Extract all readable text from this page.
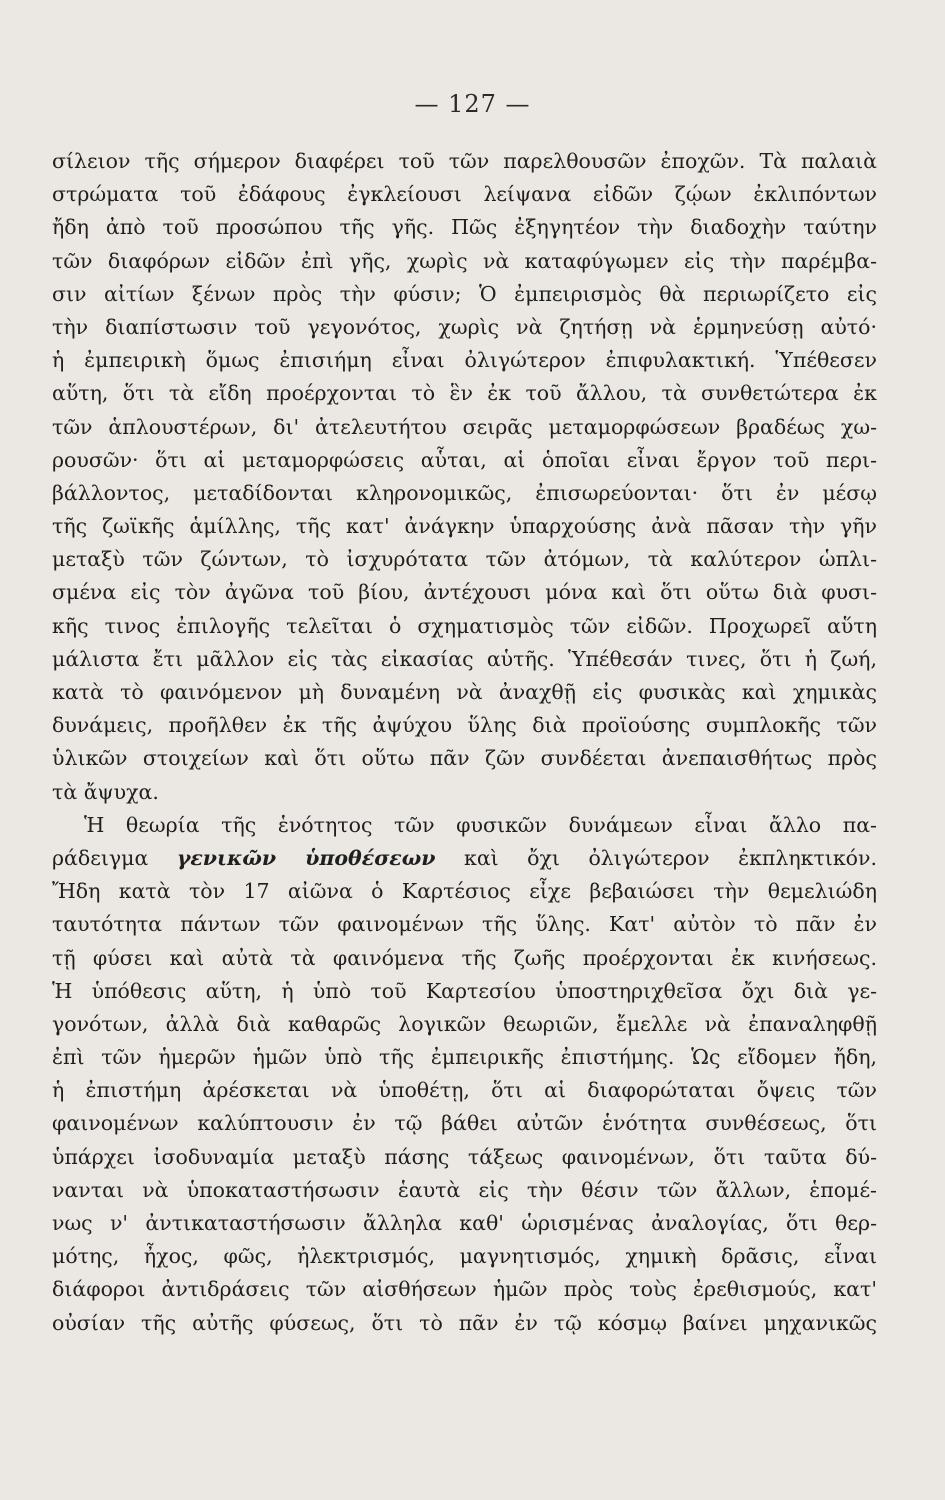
— 127 —
σίλειον τῆς σήμερον διαφέρει τοῦ τῶν παρελθουσῶν ἐποχῶν. Τὰ παλαιὰ
στρώματα τοῦ ἐδάφους ἐγκλείουσι λείψανα εἰδῶν ζῴων ἐκλιπόντων
ἤδη ἀπὸ τοῦ προσώπου τῆς γῆς. Πῶς ἐξηγητέον τὴν διαδοχὴν ταύτην
τῶν διαφόρων εἰδῶν ἐπὶ γῆς, χωρὶς νὰ καταφύγωμεν εἰς τὴν παρέμβα-
σιν αἰτίων ξένων πρὸς τὴν φύσιν; Ὁ ἐμπειρισμὸς θὰ περιωρίζετο εἰς
τὴν διαπίστωσιν τοῦ γεγονότος, χωρὶς νὰ ζητήσῃ νὰ ἑρμηνεύσῃ αὐτό·
ἡ ἐμπειρικὴ ὅμως ἐπισιήμη εἶναι ὀλιγώτερον ἐπιφυλακτική. Ὑπέθεσεν
αὕτη, ὅτι τὰ εἴδη προέρχονται τὸ ἓν ἐκ τοῦ ἄλλου, τὰ συνθετώτερα ἐκ
τῶν ἁπλουστέρων, δι' ἀτελευτήτου σειρᾶς μεταμορφώσεων βραδέως χω-
ρουσῶν· ὅτι αἱ μεταμορφώσεις αὗται, αἱ ὁποῖαι εἶναι ἔργον τοῦ περι-
βάλλοντος, μεταδίδονται κληρονομικῶς, ἐπισωρεύονται· ὅτι ἐν μέσῳ
τῆς ζωϊκῆς ἁμίλλης, τῆς κατ' ἀνάγκην ὑπαρχούσης ἀνὰ πᾶσαν τὴν γῆν
μεταξὺ τῶν ζώντων, τὸ ἰσχυρότατα τῶν ἀτόμων, τὰ καλύτερον ὡπλι-
σμένα εἰς τὸν ἀγῶνα τοῦ βίου, ἀντέχουσι μόνα καὶ ὅτι οὕτω διὰ φυσι-
κῆς τινος ἐπιλογῆς τελεῖται ὁ σχηματισμὸς τῶν εἰδῶν. Προχωρεῖ αὕτη
μάλιστα ἔτι μᾶλλον εἰς τὰς εἰκασίας αὑτῆς. Ὑπέθεσάν τινες, ὅτι ἡ ζωή,
κατὰ τὸ φαινόμενον μὴ δυναμένη νὰ ἀναχθῇ εἰς φυσικὰς καὶ χημικὰς
δυνάμεις, προῆλθεν ἐκ τῆς ἀψύχου ὕλης διὰ προϊούσης συμπλοκῆς τῶν
ὑλικῶν στοιχείων καὶ ὅτι οὕτω πᾶν ζῶν συνδέεται ἀνεπαισθήτως πρὸς
τὰ ἄψυχα.
Ἡ θεωρία τῆς ἑνότητος τῶν φυσικῶν δυνάμεων εἶναι ἄλλο πα-
ράδειγμα γενικῶν ὑποθέσεων καὶ ὄχι ὀλιγώτερον ἐκπληκτικόν.
Ἤδη κατὰ τὸν 17 αἰῶνα ὁ Καρτέσιος εἶχε βεβαιώσει τὴν θεμελιώδη
ταυτότητα πάντων τῶν φαινομένων τῆς ὕλης. Κατ' αὐτὸν τὸ πᾶν ἐν
τῇ φύσει καὶ αὐτὰ τὰ φαινόμενα τῆς ζωῆς προέρχονται ἐκ κινήσεως.
Ἡ ὑπόθεσις αὕτη, ἡ ὑπὸ τοῦ Καρτεσίου ὑποστηριχθεῖσα ὄχι διὰ γε-
γονότων, ἀλλὰ διὰ καθαρῶς λογικῶν θεωριῶν, ἔμελλε νὰ ἐπαναληφθῇ
ἐπὶ τῶν ἡμερῶν ἡμῶν ὑπὸ τῆς ἐμπειρικῆς ἐπιστήμης. Ὡς εἴδομεν ἤδη,
ἡ ἐπιστήμη ἀρέσκεται νὰ ὑποθέτῃ, ὅτι αἱ διαφορώταται ὄψεις τῶν
φαινομένων καλύπτουσιν ἐν τῷ βάθει αὐτῶν ἑνότητα συνθέσεως, ὅτι
ὑπάρχει ἰσοδυναμία μεταξὺ πάσης τάξεως φαινομένων, ὅτι ταῦτα δύ-
νανται νὰ ὑποκαταστήσωσιν ἑαυτὰ εἰς τὴν θέσιν τῶν ἄλλων, ἑπομέ-
νως ν' ἀντικαταστήσωσιν ἄλληλα καθ' ὡρισμένας ἀναλογίας, ὅτι θερ-
μότης, ἦχος, φῶς, ἠλεκτρισμός, μαγνητισμός, χημικὴ δρᾶσις, εἶναι
διάφοροι ἀντιδράσεις τῶν αἰσθήσεων ἡμῶν πρὸς τοὺς ἐρεθισμούς, κατ'
οὐσίαν τῆς αὐτῆς φύσεως, ὅτι τὸ πᾶν ἐν τῷ κόσμῳ βαίνει μηχανικῶς
